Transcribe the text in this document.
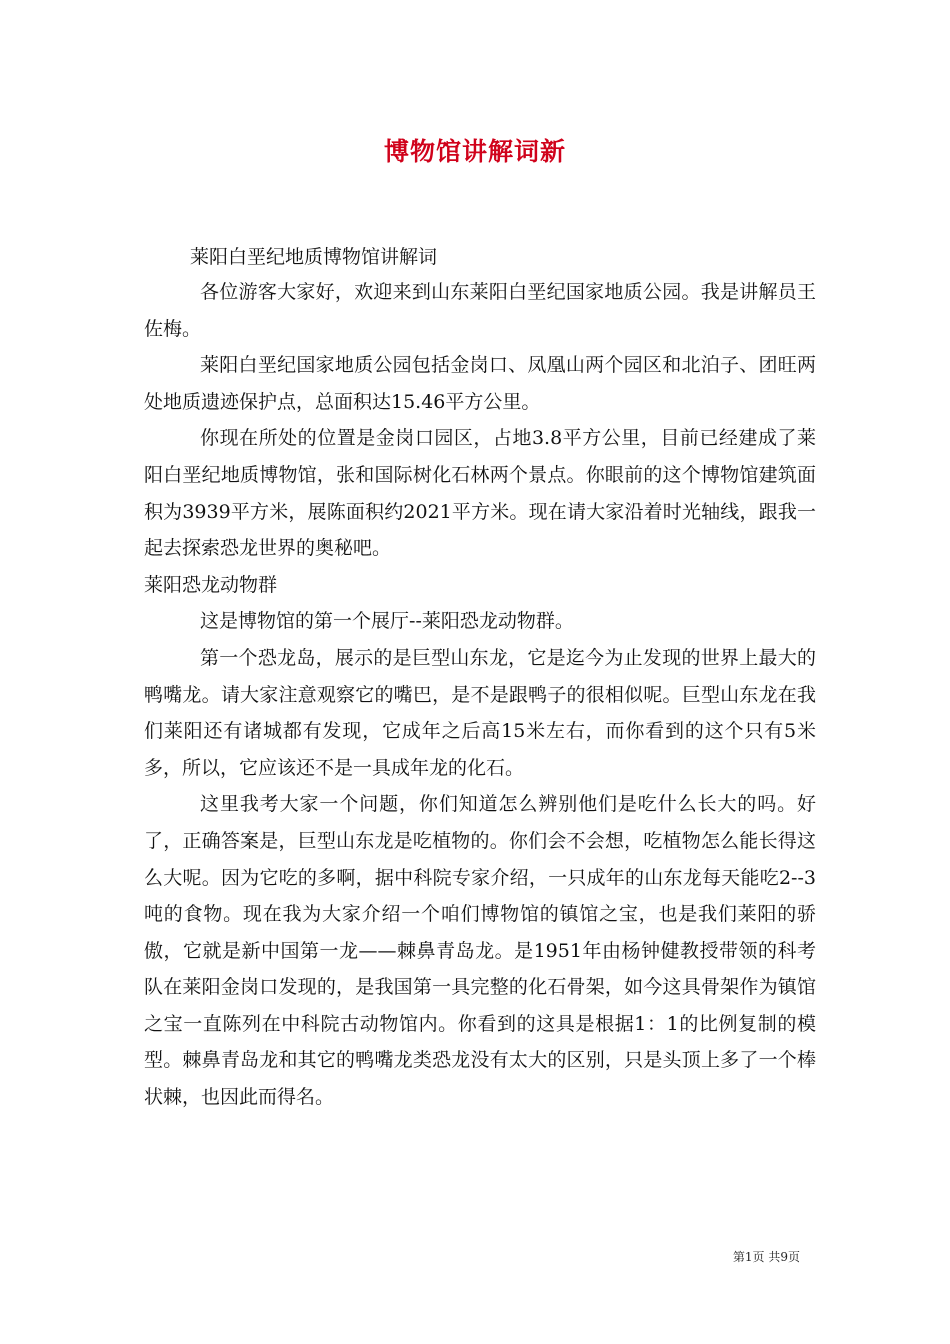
博物馆讲解词新
莱阳白垩纪地质博物馆讲解词

各位游客大家好，欢迎来到山东莱阳白垩纪国家地质公园。我是讲解员王佐梅。

莱阳白垩纪国家地质公园包括金岗口、凤凰山两个园区和北泊子、团旺两处地质遗迹保护点，总面积达15.46平方公里。

你现在所处的位置是金岗口园区，占地3.8平方公里，目前已经建成了莱阳白垩纪地质博物馆，张和国际树化石林两个景点。你眼前的这个博物馆建筑面积为3939平方米，展陈面积约2021平方米。现在请大家沿着时光轴线，跟我一起去探索恐龙世界的奥秘吧。

莱阳恐龙动物群

这是博物馆的第一个展厅--莱阳恐龙动物群。

第一个恐龙岛，展示的是巨型山东龙，它是迄今为止发现的世界上最大的鸭嘴龙。请大家注意观察它的嘴巴，是不是跟鸭子的很相似呢。巨型山东龙在我们莱阳还有诸城都有发现，它成年之后高15米左右，而你看到的这个只有5米多，所以，它应该还不是一具成年龙的化石。

这里我考大家一个问题，你们知道怎么辨别他们是吃什么长大的吗。好了，正确答案是，巨型山东龙是吃植物的。你们会不会想，吃植物怎么能长得这么大呢。因为它吃的多啊，据中科院专家介绍，一只成年的山东龙每天能吃2--3吨的食物。现在我为大家介绍一个咱们博物馆的镇馆之宝，也是我们莱阳的骄傲，它就是新中国第一龙——棘鼻青岛龙。是1951年由杨钟健教授带领的科考队在莱阳金岗口发现的，是我国第一具完整的化石骨架，如今这具骨架作为镇馆之宝一直陈列在中科院古动物馆内。你看到的这具是根据1：1的比例复制的模型。棘鼻青岛龙和其它的鸭嘴龙类恐龙没有太大的区别，只是头顶上多了一个棒状棘，也因此而得名。

第1页 共9页
